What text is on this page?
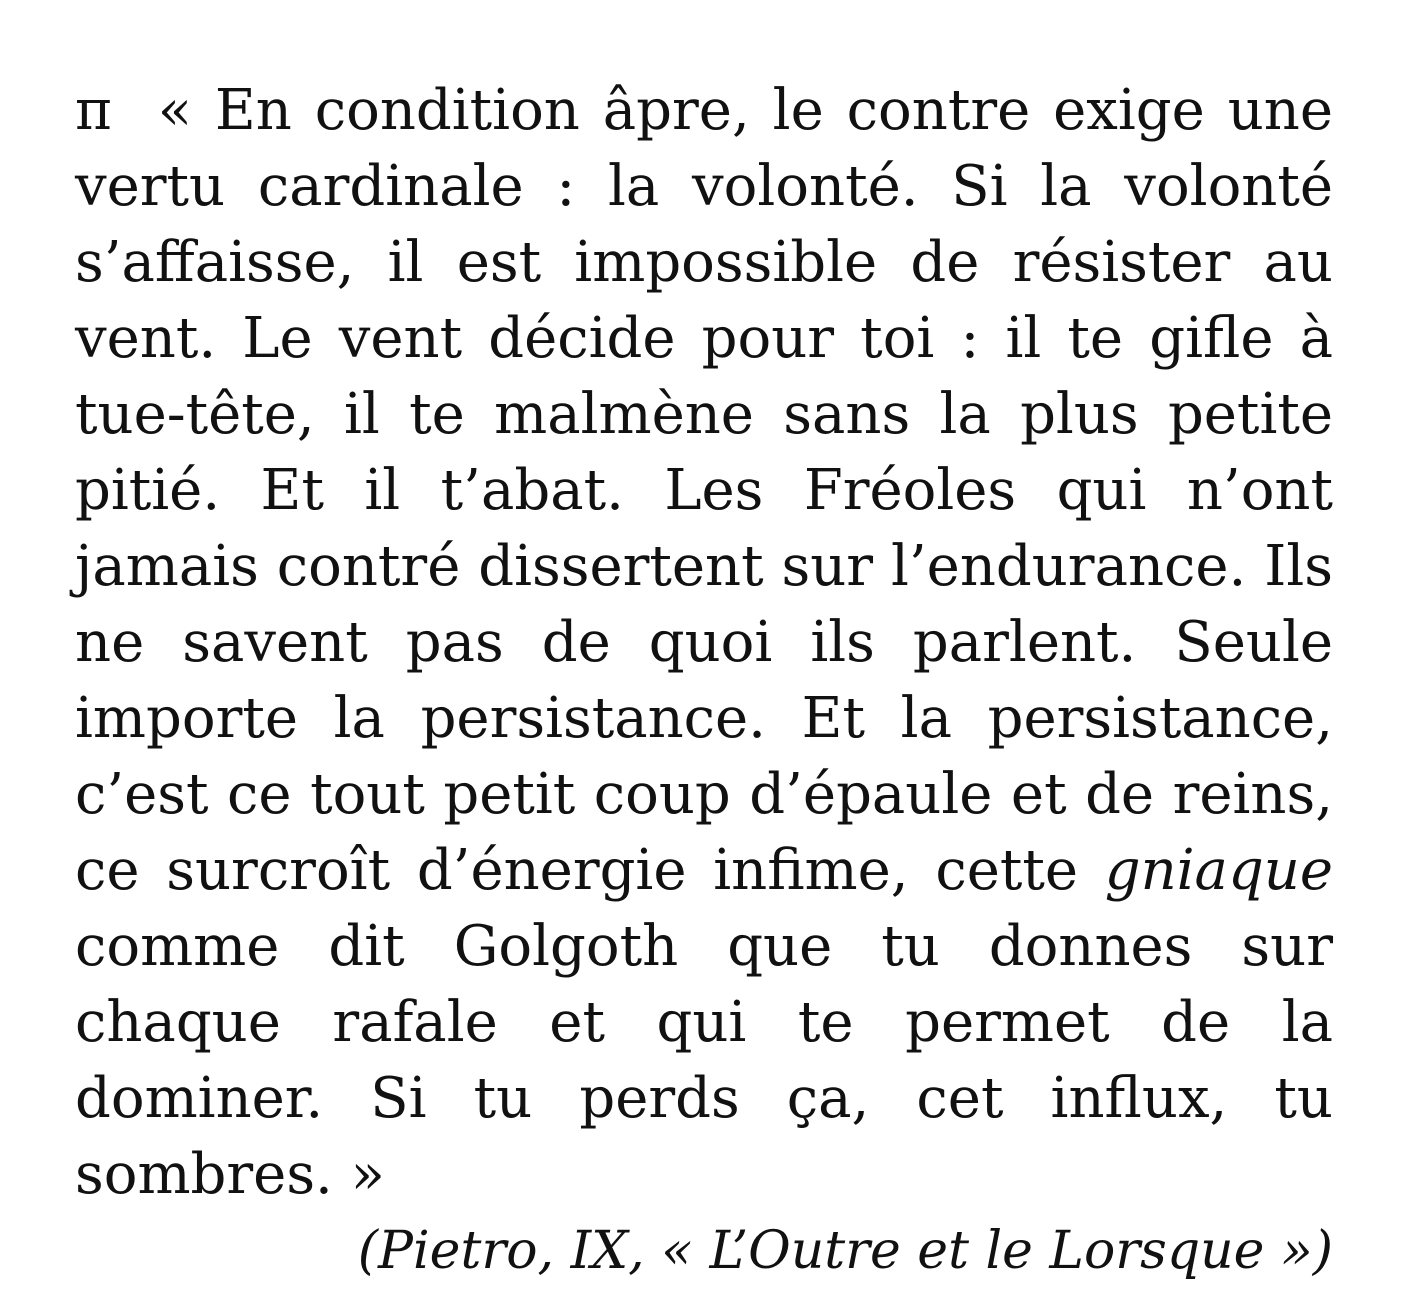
π « En condition âpre, le contre exige une vertu cardinale : la volonté. Si la volonté s’affaisse, il est impossible de résister au vent. Le vent décide pour toi : il te gifle à tue-tête, il te malmène sans la plus petite pitié. Et il t’abat. Les Fréoles qui n’ont jamais contré dissertent sur l’endurance. Ils ne savent pas de quoi ils parlent. Seule importe la persistance. Et la persistance, c’est ce tout petit coup d’épaule et de reins, ce surcroît d’énergie infime, cette gniaque comme dit Golgoth que tu donnes sur chaque rafale et qui te permet de la dominer. Si tu perds ça, cet influx, tu sombres. »

(Pietro, IX, « L’Outre et le Lorsque »)
